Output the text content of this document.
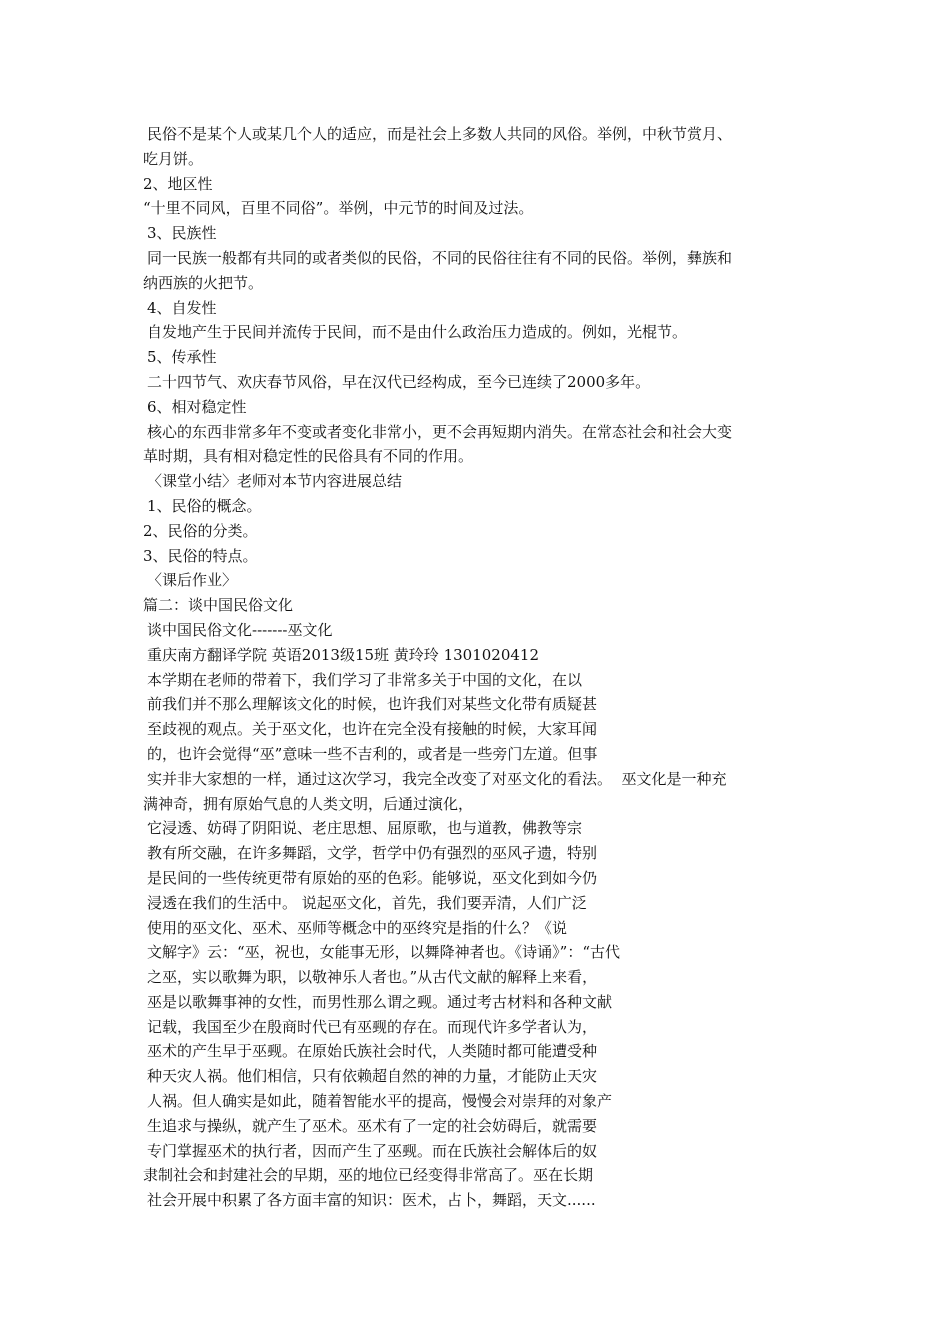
民俗不是某个人或某几个人的适应，而是社会上多数人共同的风俗。举例，中秋节赏月、
吃月饼。
2、地区性
“十里不同风，百里不同俗”。举例，中元节的时间及过法。
3、民族性
同一民族一般都有共同的或者类似的民俗，不同的民俗往往有不同的民俗。举例，彝族和
纳西族的火把节。
4、自发性
自发地产生于民间并流传于民间，而不是由什么政治压力造成的。例如，光棍节。
5、传承性
二十四节气、欢庆春节风俗，早在汉代已经构成，至今已连续了2000多年。
6、相对稳定性
核心的东西非常多年不变或者变化非常小，更不会再短期内消失。在常态社会和社会大变
革时期，具有相对稳定性的民俗具有不同的作用。
〈课堂小结〉老师对本节内容进展总结
1、民俗的概念。
2、民俗的分类。
3、民俗的特点。
〈课后作业〉
篇二：谈中国民俗文化
谈中国民俗文化-------巫文化
重庆南方翻译学院 英语2013级15班 黄玲玲 1301020412
本学期在老师的带着下，我们学习了非常多关于中国的文化，在以
前我们并不那么理解该文化的时候，也许我们对某些文化带有质疑甚
至歧视的观点。关于巫文化，也许在完全没有接触的时候，大家耳闻
的，也许会觉得“巫”意味一些不吉利的，或者是一些旁门左道。但事
实并非大家想的一样，通过这次学习，我完全改变了对巫文化的看法。  巫文化是一种充
满神奇，拥有原始气息的人类文明，后通过演化，
它浸透、妨碍了阴阳说、老庄思想、屈原歌，也与道教，佛教等宗
教有所交融，在许多舞蹈，文学，哲学中仍有强烈的巫风孑遗，特别
是民间的一些传统更带有原始的巫的色彩。能够说，巫文化到如今仍
浸透在我们的生活中。 说起巫文化，首先，我们要弄清，人们广泛
使用的巫文化、巫术、巫师等概念中的巫终究是指的什么？《说
文解字》云：“巫，祝也，女能事无形，以舞降神者也。《诗诵》”：“古代
之巫，实以歌舞为职，以敬神乐人者也。”从古代文献的解释上来看，
巫是以歌舞事神的女性，而男性那么谓之觋。通过考古材料和各种文献
记载，我国至少在殷商时代已有巫觋的存在。而现代许多学者认为，
巫术的产生早于巫觋。在原始氏族社会时代，人类随时都可能遭受种
种天灾人祸。他们相信，只有依赖超自然的神的力量，才能防止天灾
人祸。但人确实是如此，随着智能水平的提高，慢慢会对崇拜的对象产
生追求与操纵，就产生了巫术。巫术有了一定的社会妨碍后，就需要
专门掌握巫术的执行者，因而产生了巫觋。而在氏族社会解体后的奴
隶制社会和封建社会的早期，巫的地位已经变得非常高了。巫在长期
社会开展中积累了各方面丰富的知识：医术，占卜，舞蹈，天文......
